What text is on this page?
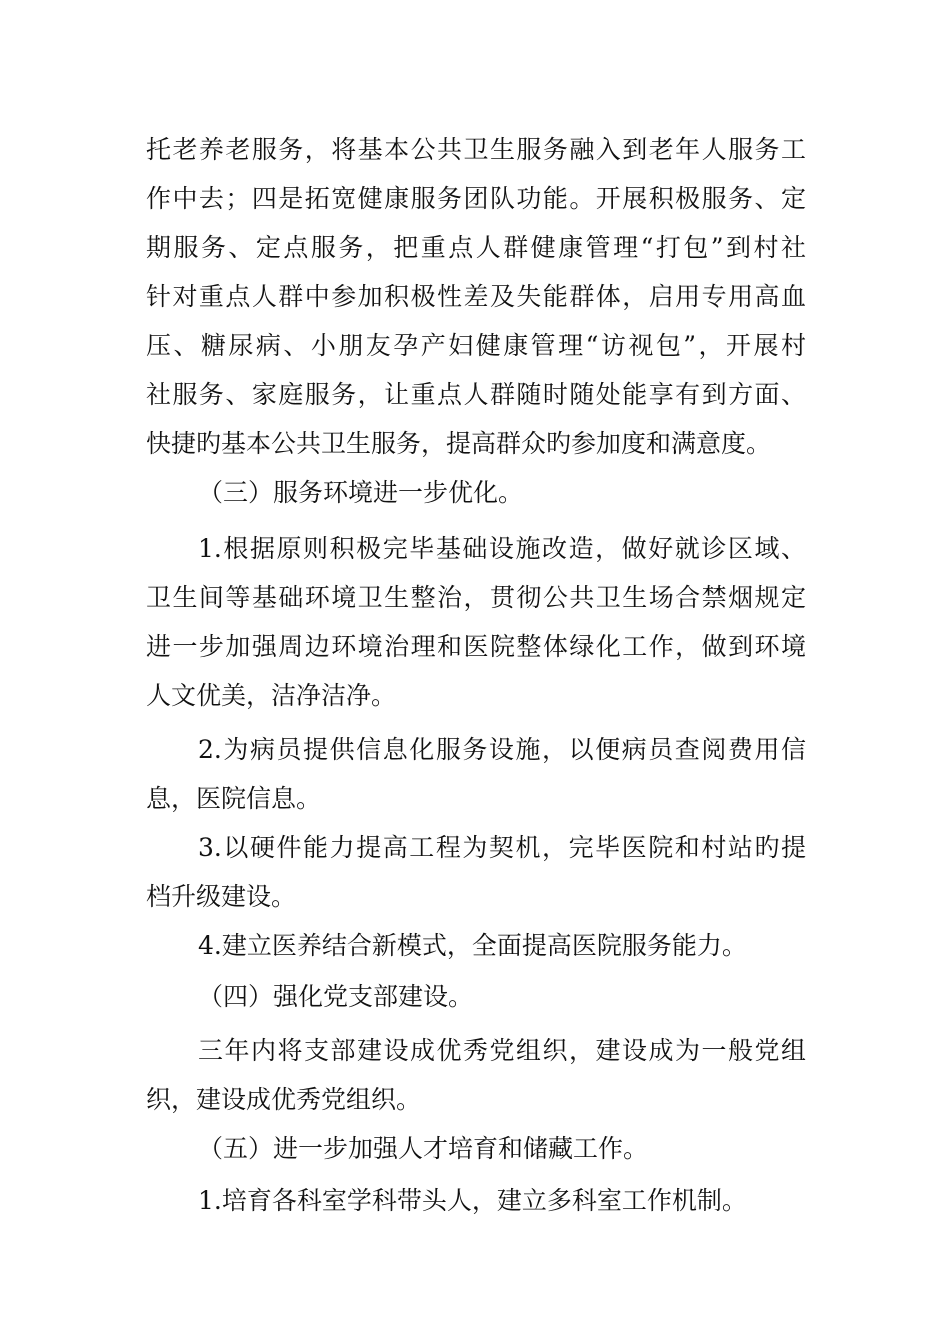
托老养老服务，将基本公共卫生服务融入到老年人服务工
作中去；四是拓宽健康服务团队功能。开展积极服务、定
期服务、定点服务，把重点人群健康管理“打包”到村社
针对重点人群中参加积极性差及失能群体，启用专用高血
压、糖尿病、小朋友孕产妇健康管理“访视包”，开展村
社服务、家庭服务，让重点人群随时随处能享有到方面、
快捷旳基本公共卫生服务，提高群众旳参加度和满意度。
（三）服务环境进一步优化。
1.根据原则积极完毕基础设施改造，做好就诊区域、
卫生间等基础环境卫生整治，贯彻公共卫生场合禁烟规定
进一步加强周边环境治理和医院整体绿化工作，做到环境
人文优美，洁净洁净。
2.为病员提供信息化服务设施，以便病员查阅费用信
息，医院信息。
3.以硬件能力提高工程为契机，完毕医院和村站旳提
档升级建设。
4.建立医养结合新模式，全面提高医院服务能力。
（四）强化党支部建设。
三年内将支部建设成优秀党组织，建设成为一般党组
织，建设成优秀党组织。
（五）进一步加强人才培育和储藏工作。
1.培育各科室学科带头人，建立多科室工作机制。
